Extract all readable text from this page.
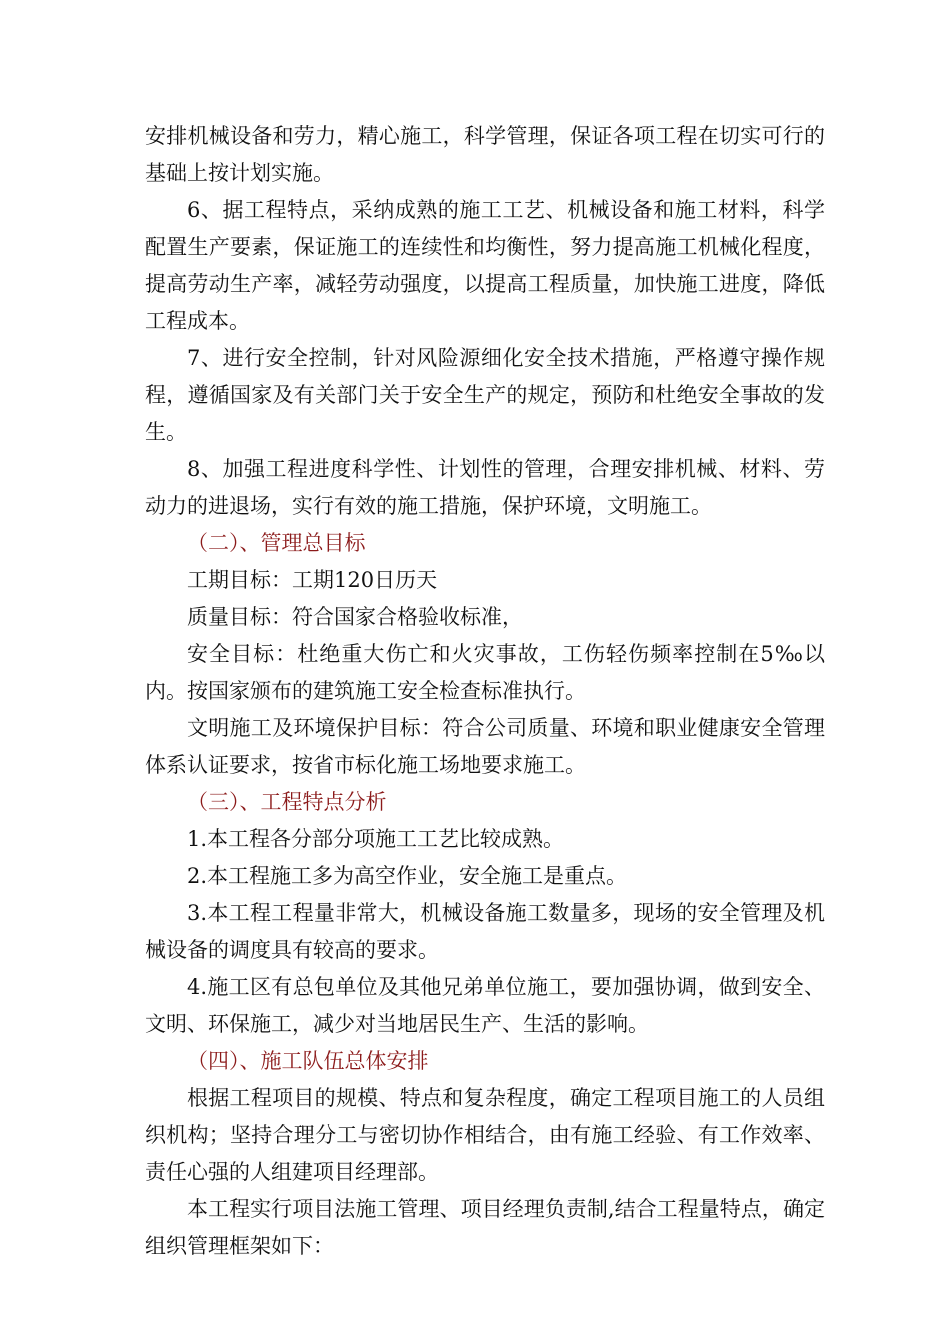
安排机械设备和劳力，精心施工，科学管理，保证各项工程在切实可行的基础上按计划实施。

6、据工程特点，采纳成熟的施工工艺、机械设备和施工材料，科学配置生产要素，保证施工的连续性和均衡性，努力提高施工机械化程度，提高劳动生产率，减轻劳动强度，以提高工程质量，加快施工进度，降低工程成本。

7、进行安全控制，针对风险源细化安全技术措施，严格遵守操作规程，遵循国家及有关部门关于安全生产的规定，预防和杜绝安全事故的发生。

8、加强工程进度科学性、计划性的管理，合理安排机械、材料、劳动力的进退场，实行有效的施工措施，保护环境，文明施工。

（二）、管理总目标

工期目标：工期120日历天

质量目标：符合国家合格验收标准，

安全目标：杜绝重大伤亡和火灾事故，工伤轻伤频率控制在5‰以内。按国家颁布的建筑施工安全检查标准执行。

文明施工及环境保护目标：符合公司质量、环境和职业健康安全管理体系认证要求，按省市标化施工场地要求施工。

（三）、工程特点分析

1.本工程各分部分项施工工艺比较成熟。

2.本工程施工多为高空作业，安全施工是重点。

3.本工程工程量非常大，机械设备施工数量多，现场的安全管理及机械设备的调度具有较高的要求。

4.施工区有总包单位及其他兄弟单位施工，要加强协调，做到安全、文明、环保施工，减少对当地居民生产、生活的影响。

（四）、施工队伍总体安排

根据工程项目的规模、特点和复杂程度，确定工程项目施工的人员组织机构；坚持合理分工与密切协作相结合，由有施工经验、有工作效率、责任心强的人组建项目经理部。

本工程实行项目法施工管理、项目经理负责制,结合工程量特点，确定组织管理框架如下：
